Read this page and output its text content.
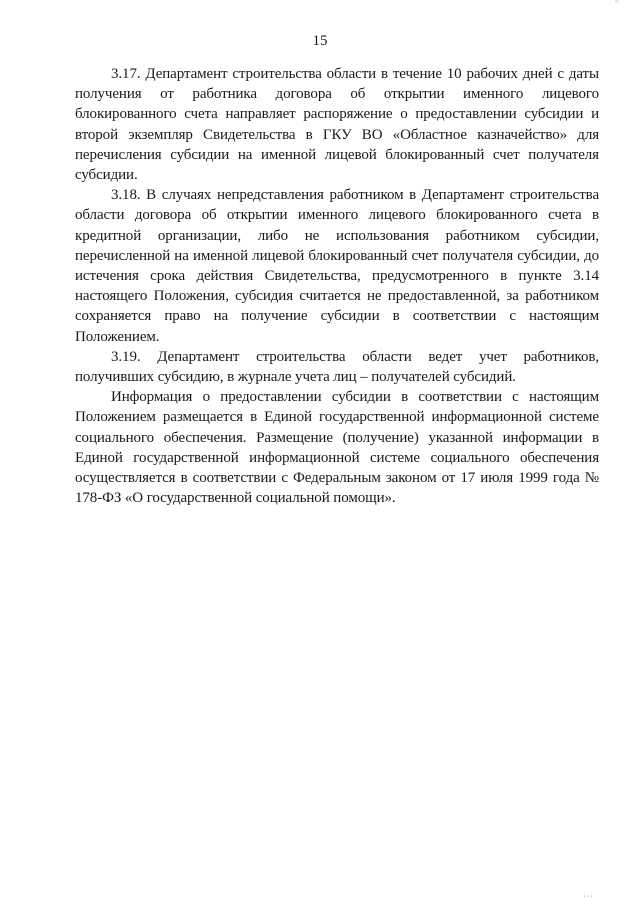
''
15

3.17. Департамент строительства области в течение 10 рабочих дней с даты получения от работника договора об открытии именного лицевого блокированного счета направляет распоряжение о предоставлении субсидии и второй экземпляр Свидетельства в ГКУ ВО «Областное казначейство» для перечисления субсидии на именной лицевой блокированный счет получателя субсидии.

3.18. В случаях непредставления работником в Департамент строительства области договора об открытии именного лицевого блокированного счета в кредитной организации, либо не использования работником субсидии, перечисленной на именной лицевой блокированный счет получателя субсидии, до истечения срока действия Свидетельства, предусмотренного в пункте 3.14 настоящего Положения, субсидия считается не предоставленной, за работником сохраняется право на получение субсидии в соответствии с настоящим Положением.

3.19. Департамент строительства области ведет учет работников, получивших субсидию, в журнале учета лиц – получателей субсидий.

Информация о предоставлении субсидии в соответствии с настоящим Положением размещается в Единой государственной информационной системе социального обеспечения. Размещение (получение) указанной информации в Единой государственной информационной системе социального обеспечения осуществляется в соответствии с Федеральным законом от 17 июля 1999 года № 178-ФЗ «О государственной социальной помощи».

' ' '
